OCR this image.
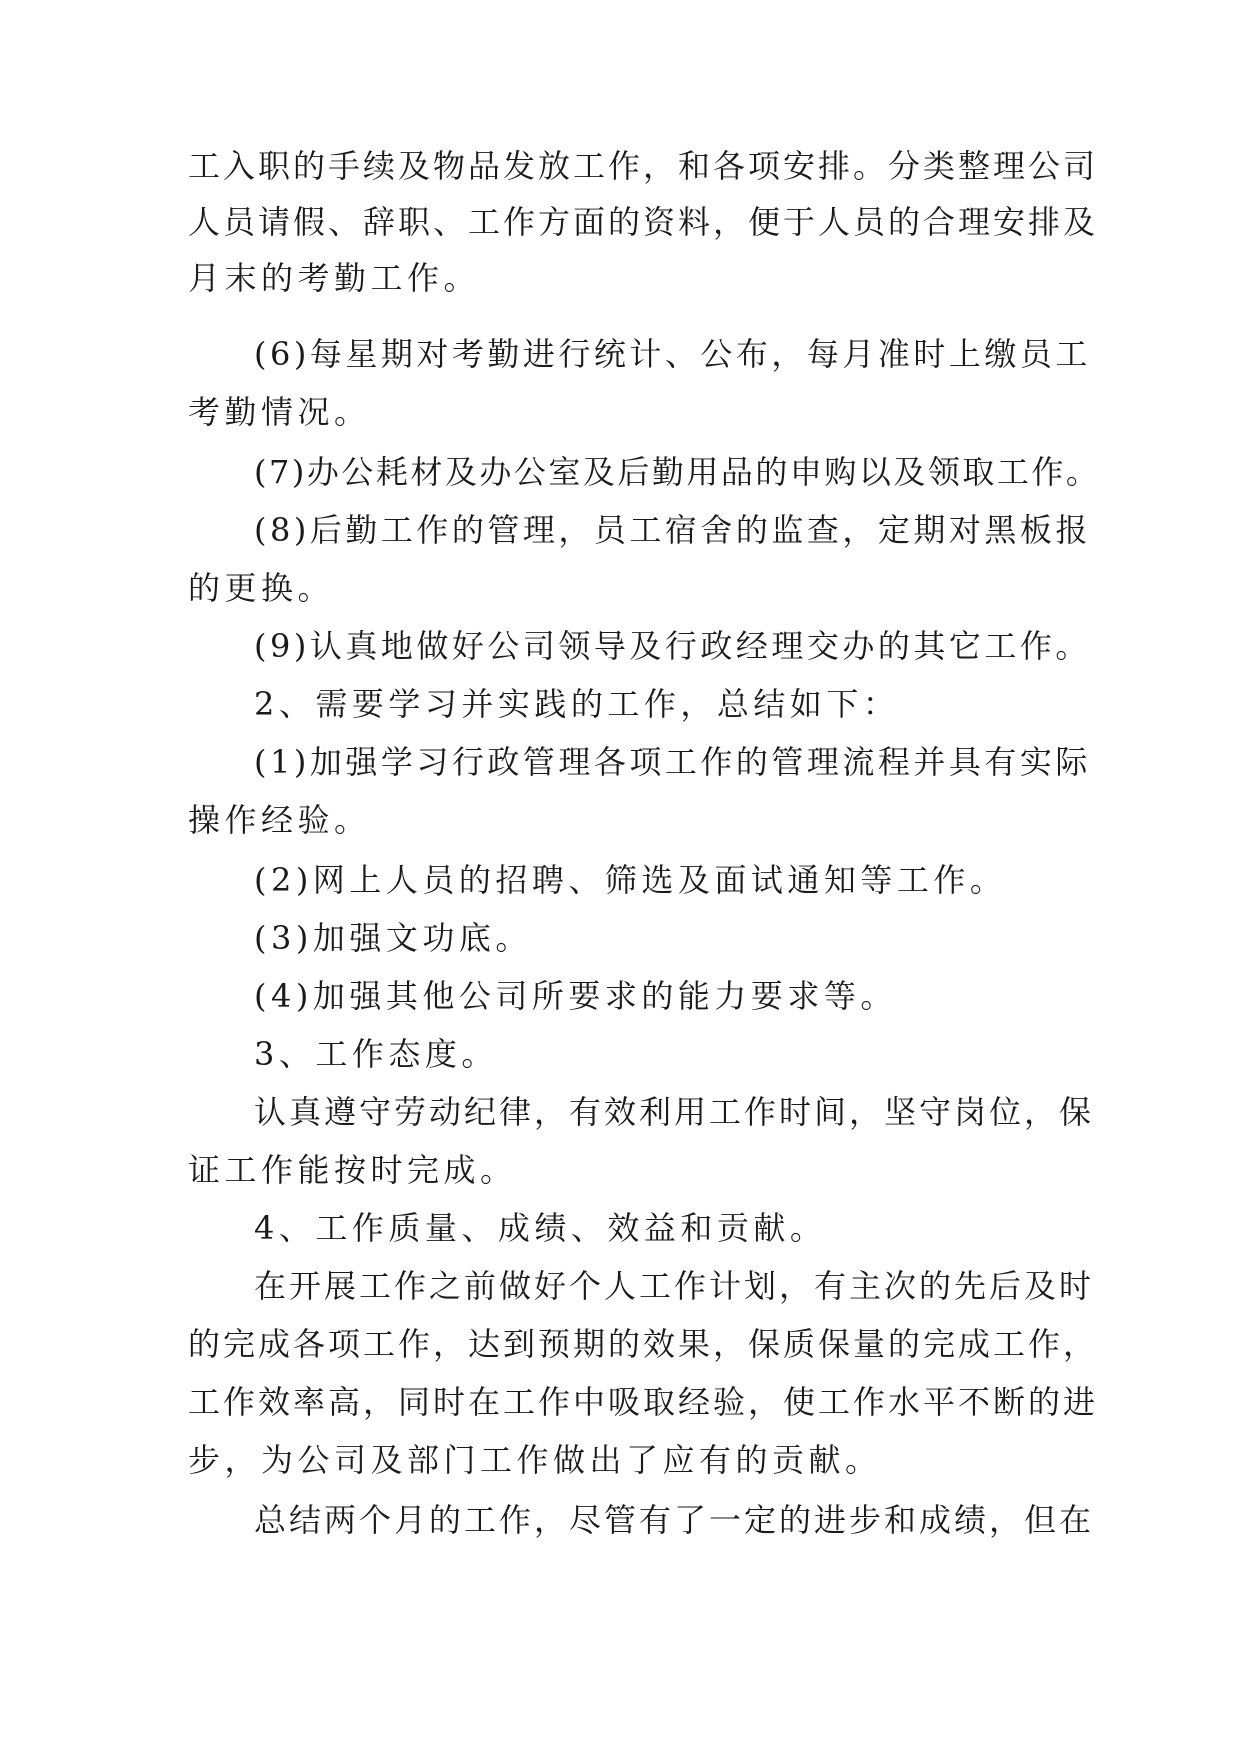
工入职的手续及物品发放工作，和各项安排。分类整理公司
人员请假、辞职、工作方面的资料，便于人员的合理安排及
月末的考勤工作。
(6)每星期对考勤进行统计、公布，每月准时上缴员工
考勤情况。
(7)办公耗材及办公室及后勤用品的申购以及领取工作。
(8)后勤工作的管理，员工宿舍的监查，定期对黑板报
的更换。
(9)认真地做好公司领导及行政经理交办的其它工作。
2、需要学习并实践的工作，总结如下：
(1)加强学习行政管理各项工作的管理流程并具有实际
操作经验。
(2)网上人员的招聘、筛选及面试通知等工作。
(3)加强文功底。
(4)加强其他公司所要求的能力要求等。
3、工作态度。
认真遵守劳动纪律，有效利用工作时间，坚守岗位，保
证工作能按时完成。
4、工作质量、成绩、效益和贡献。
在开展工作之前做好个人工作计划，有主次的先后及时
的完成各项工作，达到预期的效果，保质保量的完成工作，
工作效率高，同时在工作中吸取经验，使工作水平不断的进
步，为公司及部门工作做出了应有的贡献。
总结两个月的工作，尽管有了一定的进步和成绩，但在
